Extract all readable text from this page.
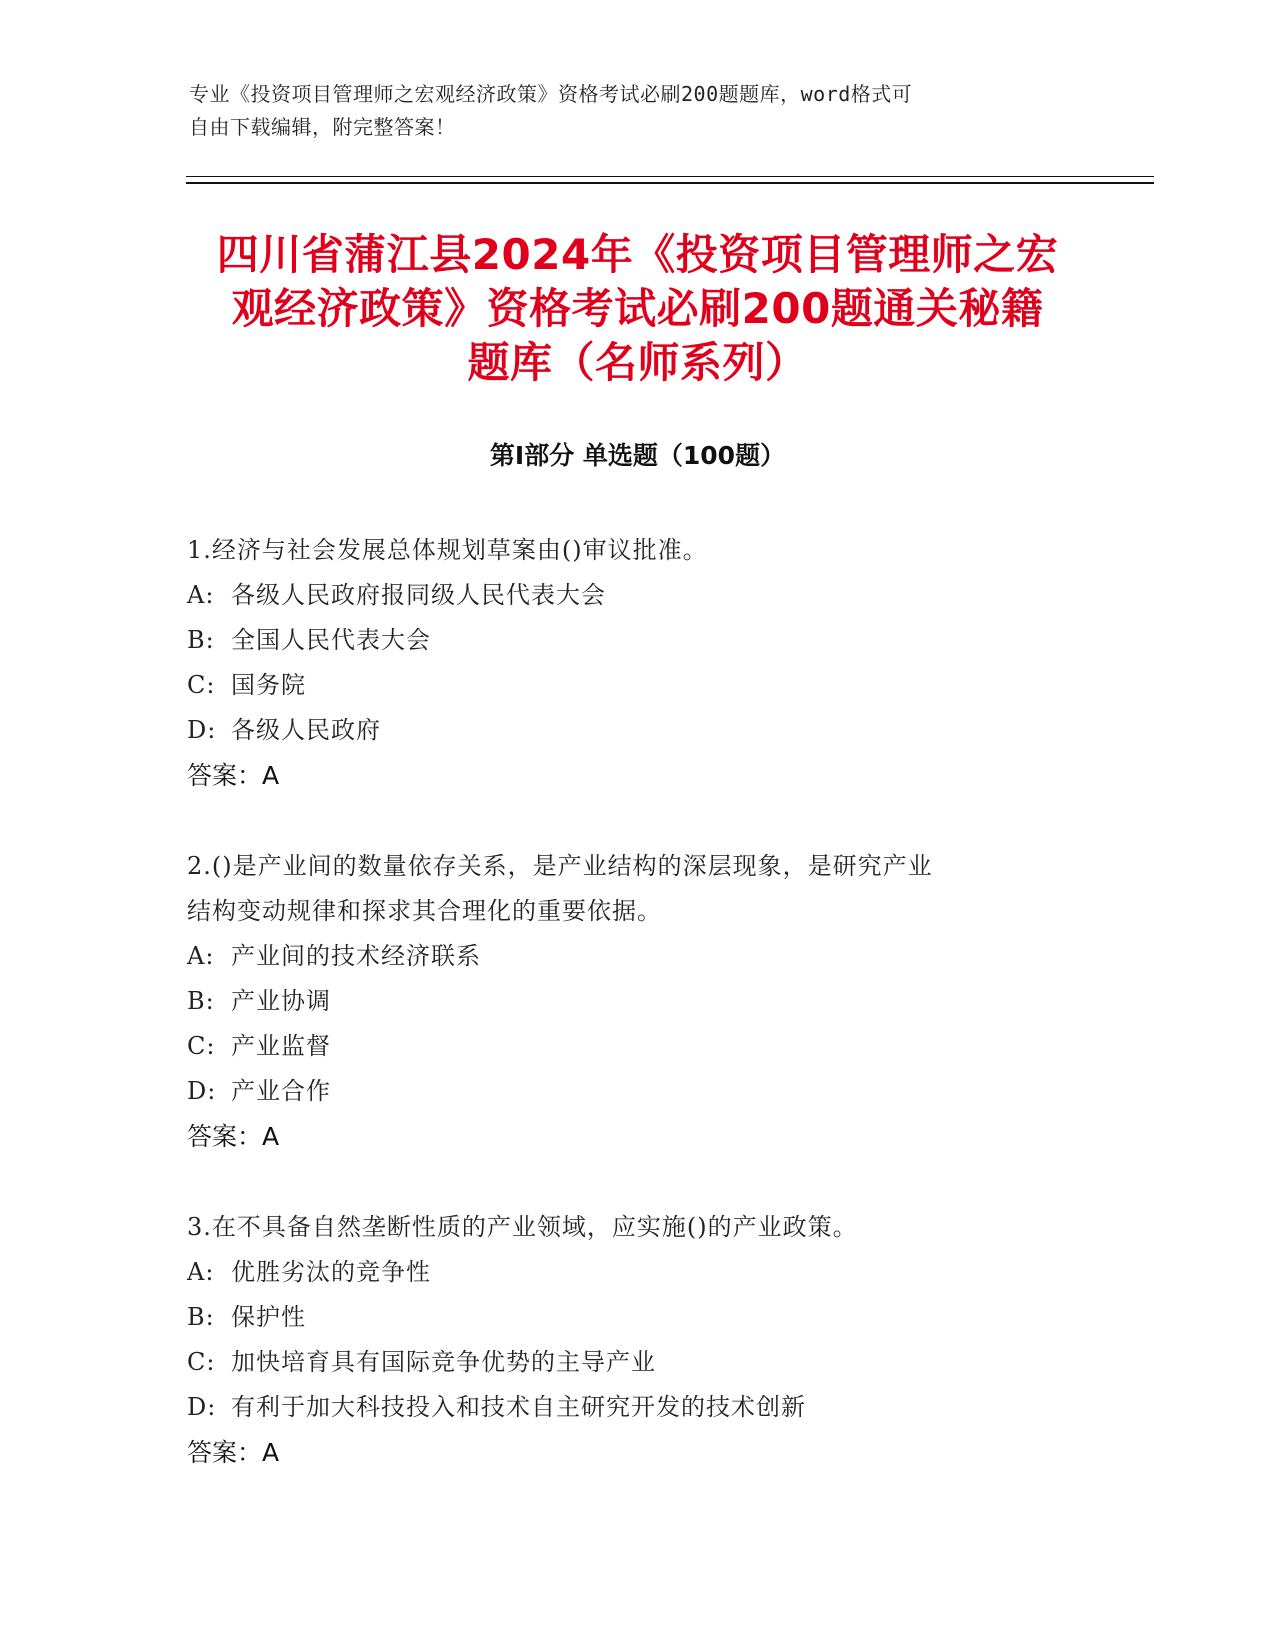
专业《投资项目管理师之宏观经济政策》资格考试必刷200题题库，word格式可
自由下载编辑，附完整答案！
四川省蒲江县2024年《投资项目管理师之宏
观经济政策》资格考试必刷200题通关秘籍
题库（名师系列）
第Ⅰ部分 单选题（100题）
1.经济与社会发展总体规划草案由()审议批准。
A: 各级人民政府报同级人民代表大会
B: 全国人民代表大会
C: 国务院
D: 各级人民政府
答案：A
2.()是产业间的数量依存关系，是产业结构的深层现象，是研究产业
结构变动规律和探求其合理化的重要依据。
A: 产业间的技术经济联系
B: 产业协调
C: 产业监督
D: 产业合作
答案：A
3.在不具备自然垄断性质的产业领域，应实施()的产业政策。
A: 优胜劣汰的竞争性
B: 保护性
C: 加快培育具有国际竞争优势的主导产业
D: 有利于加大科技投入和技术自主研究开发的技术创新
答案：A
